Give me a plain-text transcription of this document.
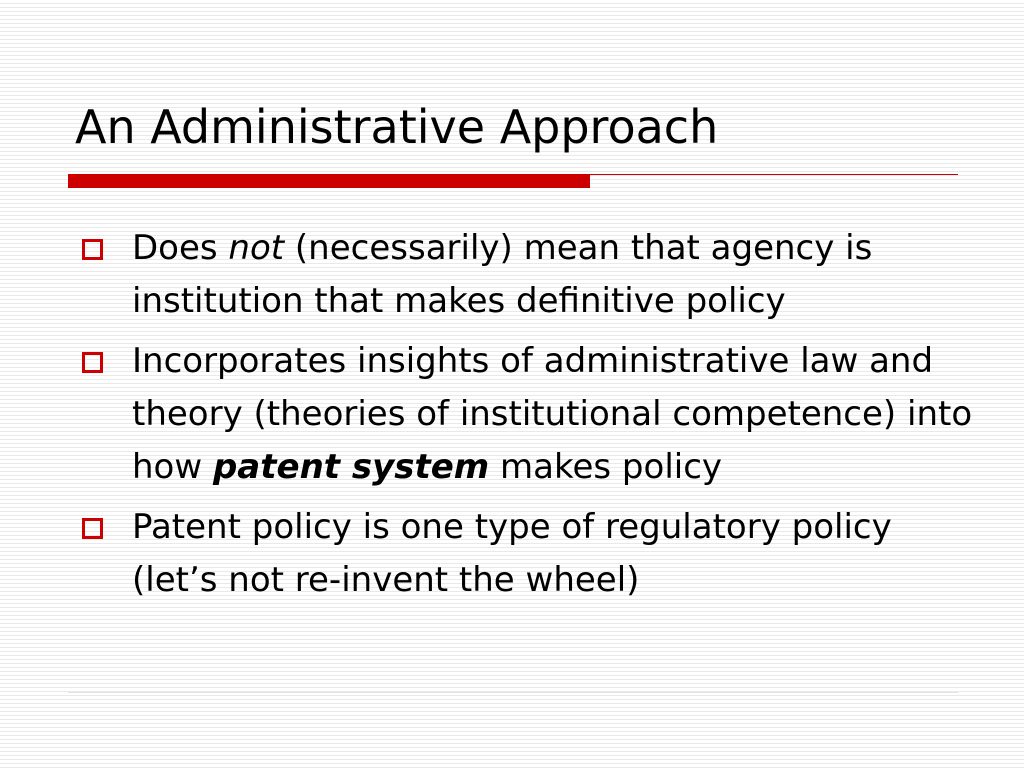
An Administrative Approach
Does not (necessarily) mean that agency is institution that makes definitive policy
Incorporates insights of administrative law and theory (theories of institutional competence) into how patent system makes policy
Patent policy is one type of regulatory policy (let’s not re-invent the wheel)
